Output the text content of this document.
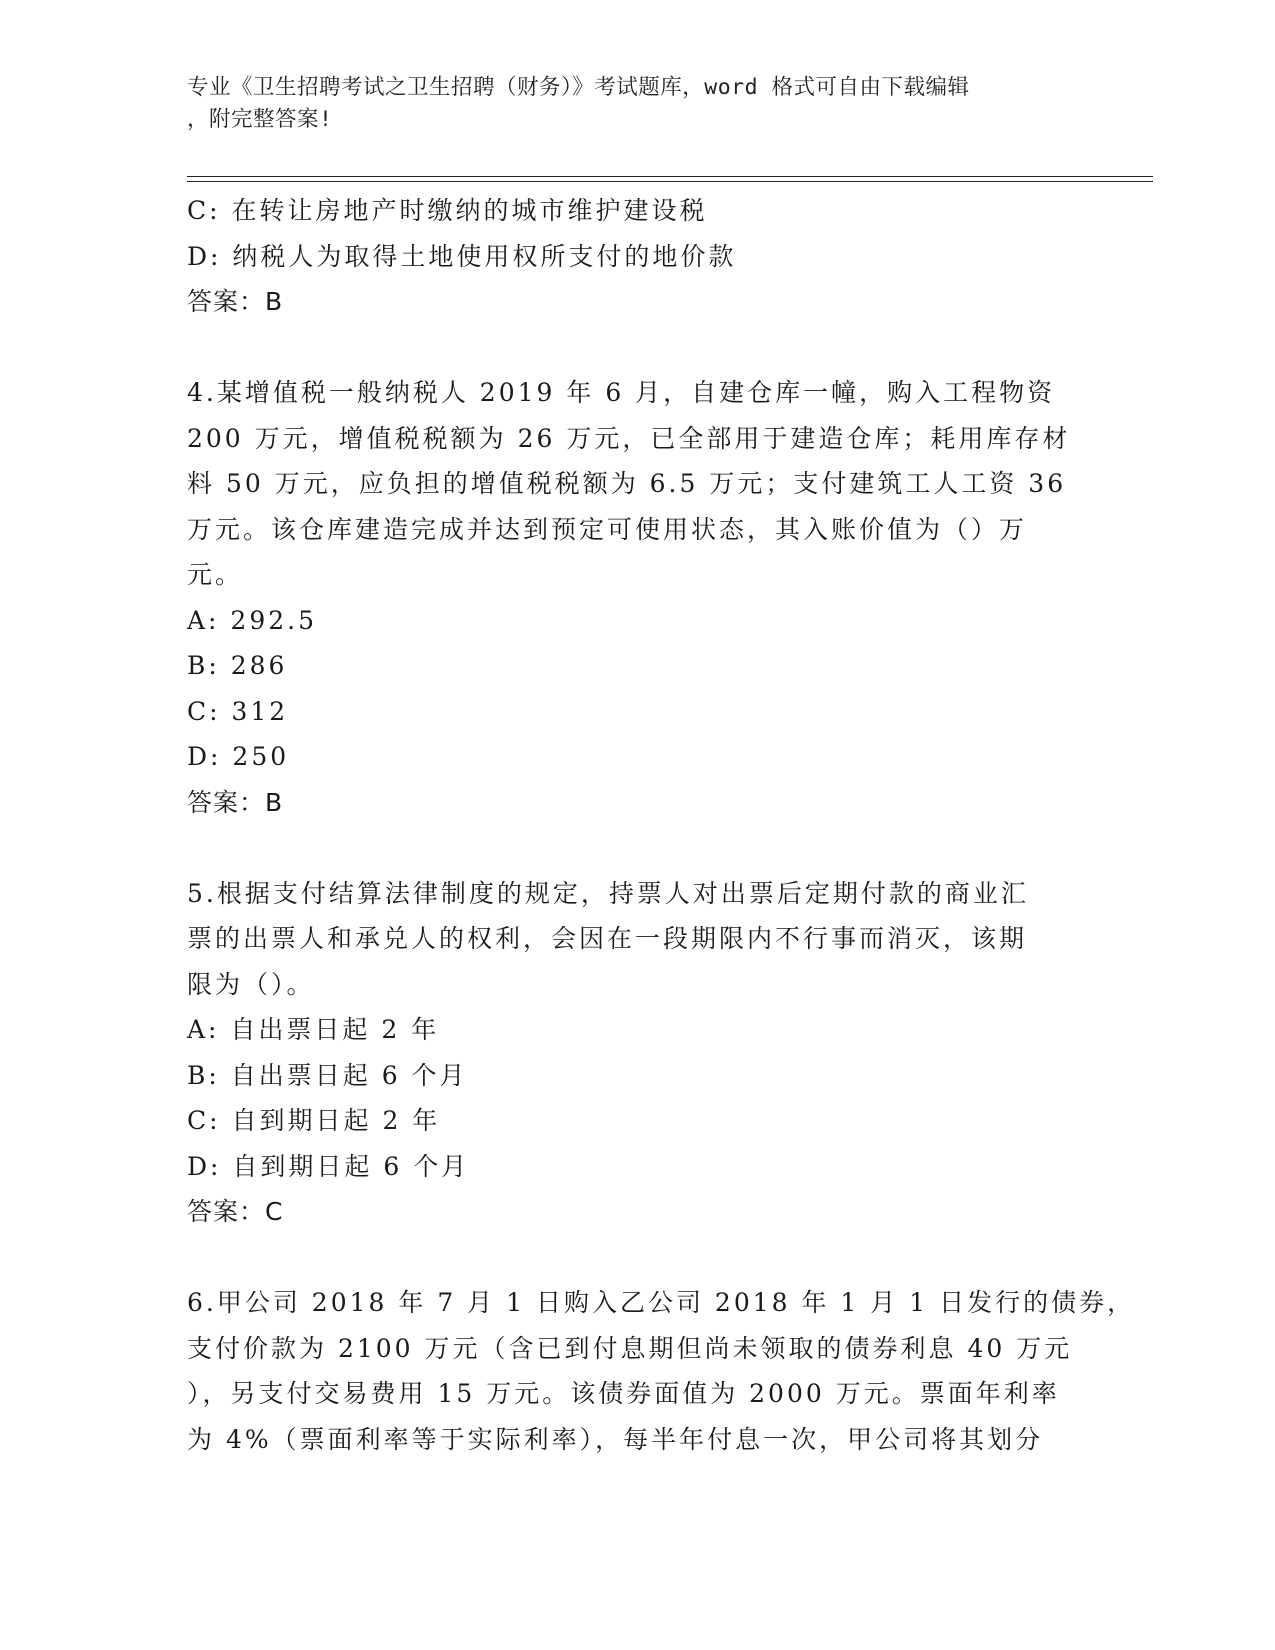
专业《卫生招聘考试之卫生招聘（财务）》考试题库，word 格式可自由下载编辑
，附完整答案!
C: 在转让房地产时缴纳的城市维护建设税
D: 纳税人为取得土地使用权所支付的地价款
答案：B
4.某增值税一般纳税人 2019 年 6 月，自建仓库一幢，购入工程物资
200 万元，增值税税额为 26 万元，已全部用于建造仓库；耗用库存材
料 50 万元，应负担的增值税税额为 6.5 万元；支付建筑工人工资 36
万元。该仓库建造完成并达到预定可使用状态，其入账价值为（）万
元。
A: 292.5
B: 286
C: 312
D: 250
答案：B
5.根据支付结算法律制度的规定，持票人对出票后定期付款的商业汇
票的出票人和承兑人的权利，会因在一段期限内不行事而消灭，该期
限为（）。
A: 自出票日起 2 年
B: 自出票日起 6 个月
C: 自到期日起 2 年
D: 自到期日起 6 个月
答案：C
6.甲公司 2018 年 7 月 1 日购入乙公司 2018 年 1 月 1 日发行的债券，
支付价款为 2100 万元（含已到付息期但尚未领取的债券利息 40 万元
），另支付交易费用 15 万元。该债券面值为 2000 万元。票面年利率
为 4%（票面利率等于实际利率），每半年付息一次，甲公司将其划分
